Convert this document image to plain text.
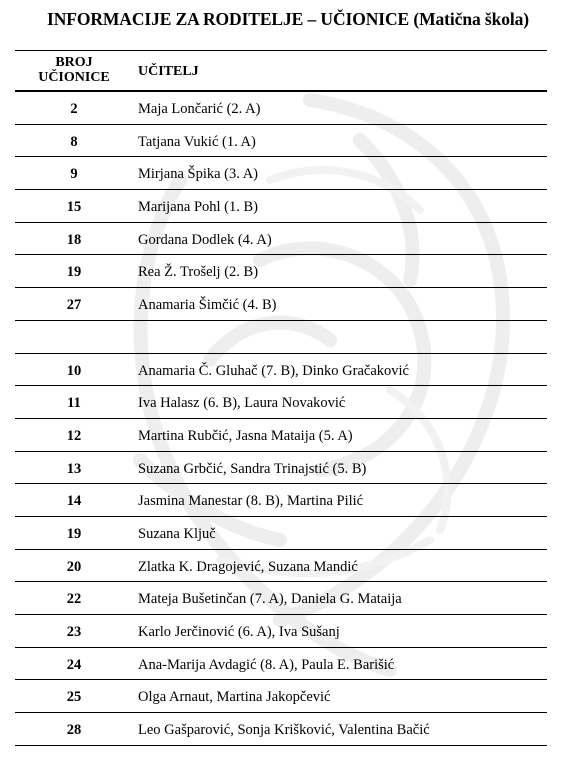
INFORMACIJE ZA RODITELJE – UČIONICE (Matična škola)
BROJ
UČIONICE	UČITELJ
2	Maja Lončarić (2. A)
8	Tatjana Vukić (1. A)
9	Mirjana Špika (3. A)
15	Marijana Pohl (1. B)
18	Gordana Dodlek (4. A)
19	Rea Ž. Trošelj (2. B)
27	Anamaria Šimčić (4. B)
10	Anamaria Č. Gluhač (7. B), Dinko Gračaković
11	Iva Halasz (6. B), Laura Novaković
12	Martina Rubčić, Jasna Mataija (5. A)
13	Suzana Grbčić, Sandra Trinajstić (5. B)
14	Jasmina Manestar (8. B), Martina Pilić
19	Suzana Ključ
20	Zlatka K. Dragojević, Suzana Mandić
22	Mateja Bušetinčan (7. A), Daniela G. Mataija
23	Karlo Jerčinović (6. A), Iva Sušanj
24	Ana-Marija Avdagić (8. A), Paula E. Barišić
25	Olga Arnaut, Martina Jakopčević
28	Leo Gašparović, Sonja Krišković, Valentina Bačić
